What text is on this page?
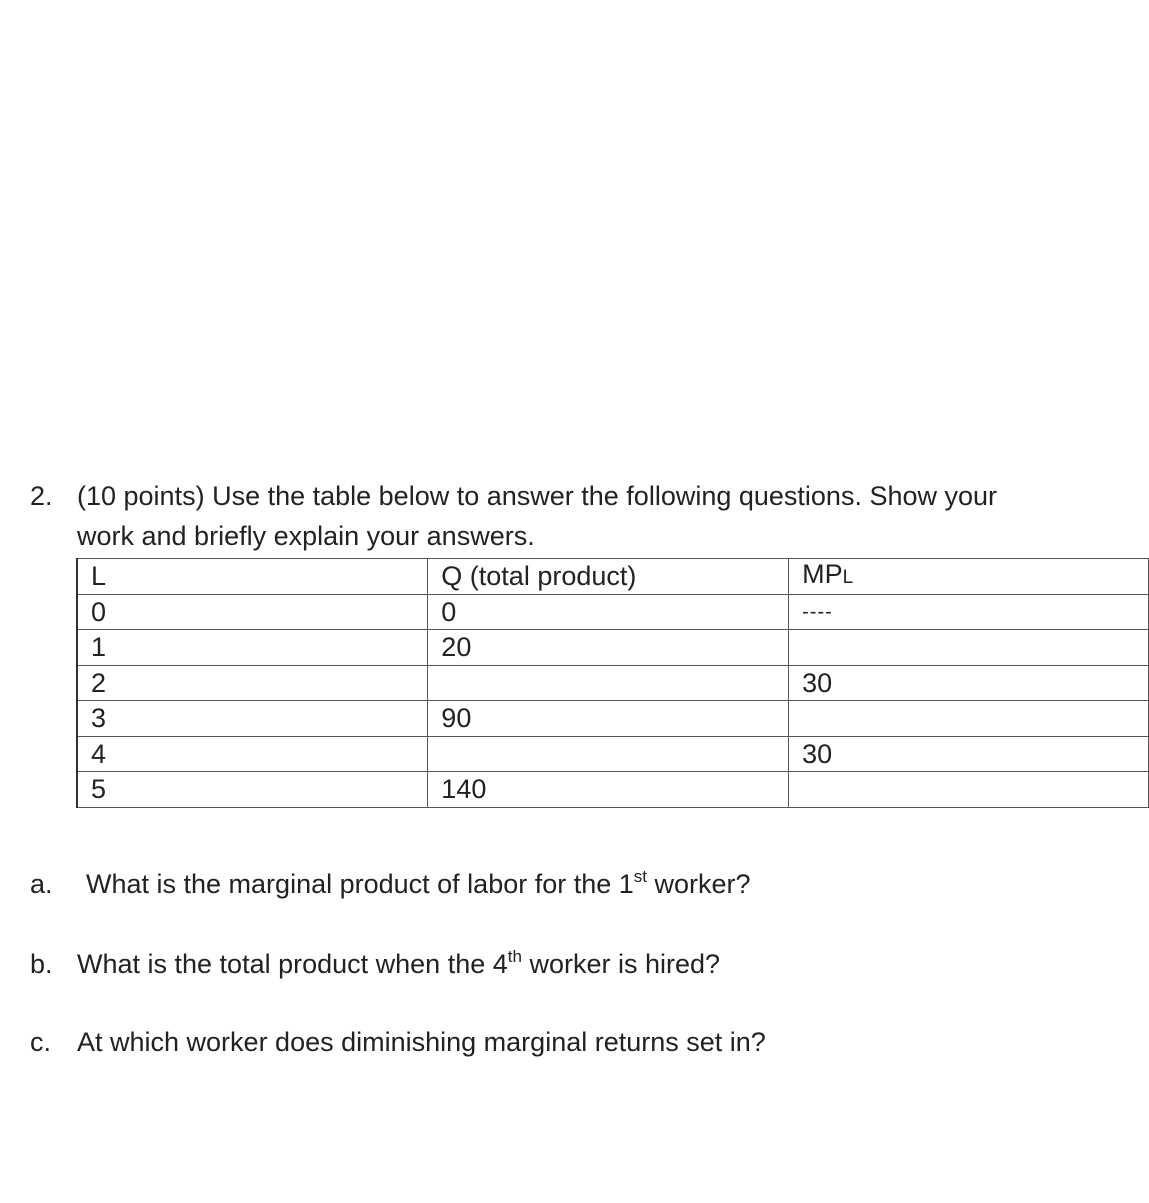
2. (10 points) Use the table below to answer the following questions. Show your
work and briefly explain your answers.
L	Q (total product)	MPL
0	0	----
1	20	
2		30
3	90	
4		30
5	140	
a. What is the marginal product of labor for the 1st worker?
b. What is the total product when the 4th worker is hired?
c. At which worker does diminishing marginal returns set in?
